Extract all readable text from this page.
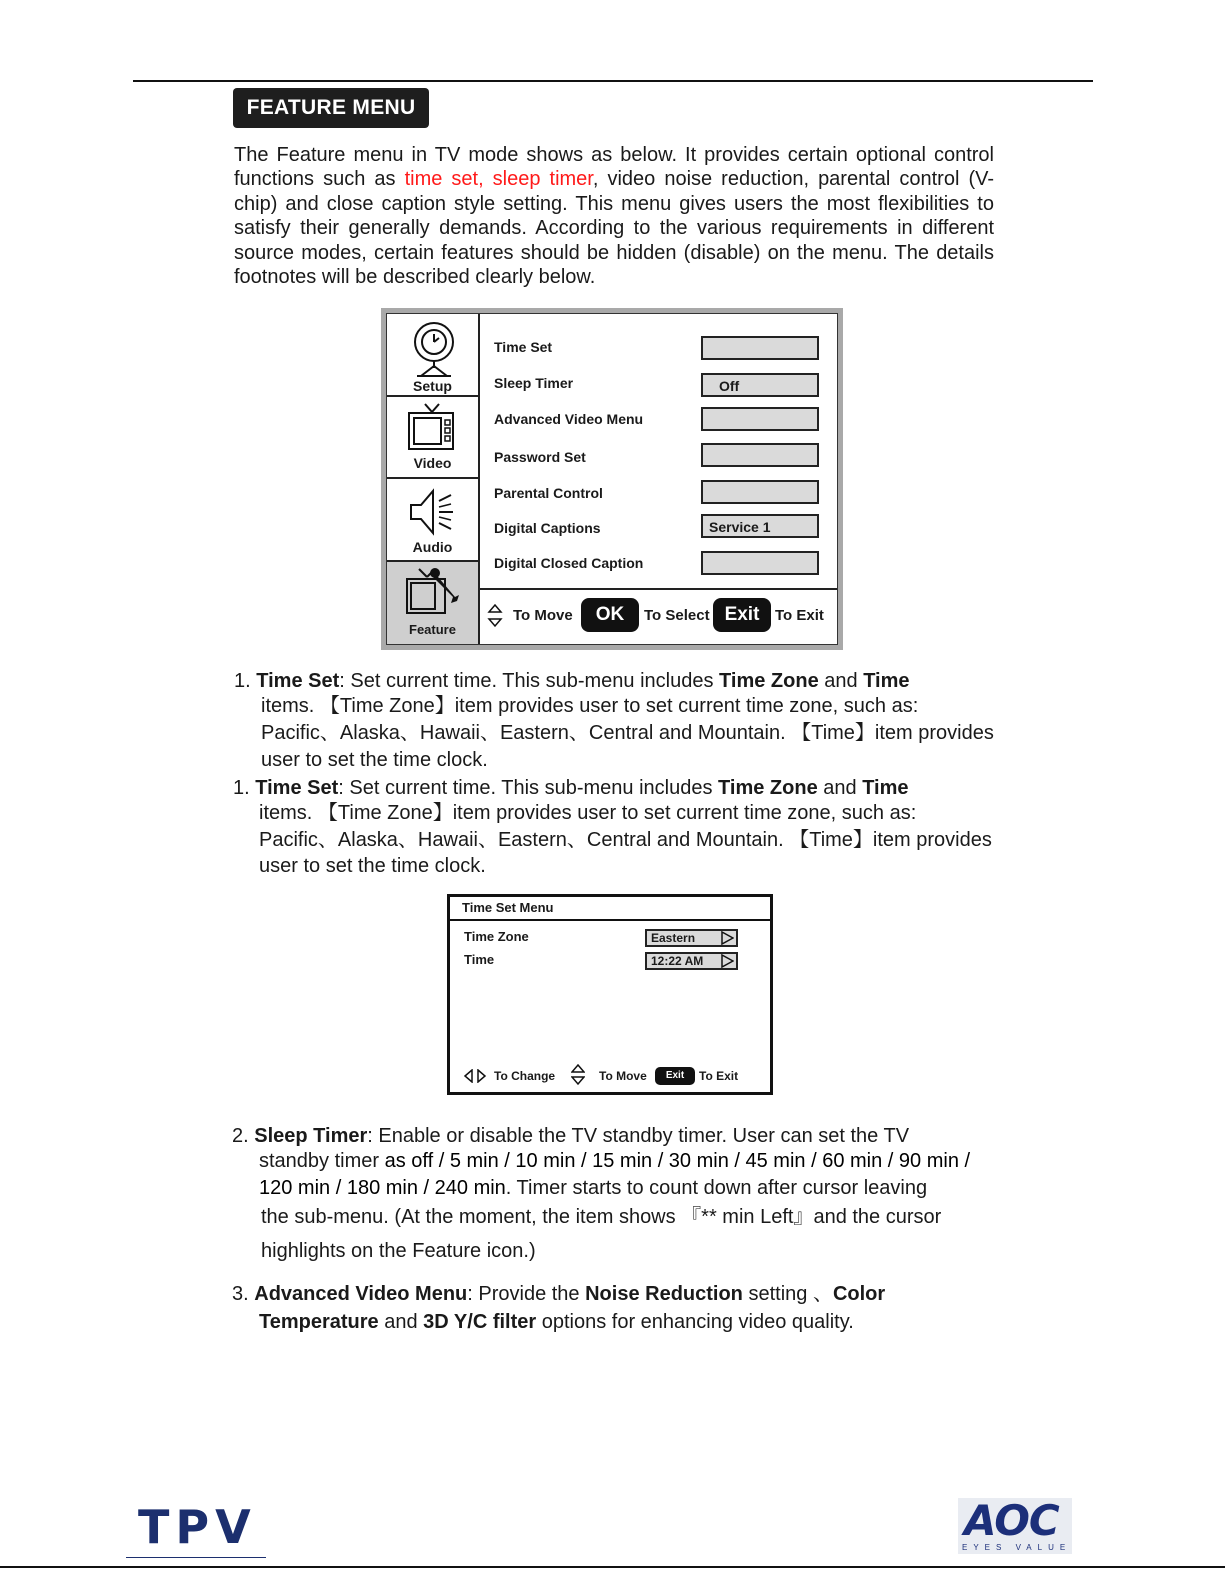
FEATURE MENU
The Feature menu in TV mode shows as below. It provides certain optional control functions such as time set, sleep timer, video noise reduction, parental control (V-chip) and close caption style setting. This menu gives users the most flexibilities to satisfy their generally demands. According to the various requirements in different source modes, certain features should be hidden (disable) on the menu. The details footnotes will be described clearly below.
Setup
Video
Audio
Feature
Time Set
Sleep Timer	Off
Advanced Video Menu
Password Set
Parental Control
Digital Captions	Service 1
Digital Closed Caption
To Move	OK	To Select Exit	To Exit
1. Time Set: Set current time. This sub-menu includes Time Zone and Time
items. 【Time Zone】item provides user to set current time zone, such as:
Pacific、Alaska、Hawaii、Eastern、Central and Mountain. 【Time】item provides
user to set the time clock.
1. Time Set: Set current time. This sub-menu includes Time Zone and Time
items. 【Time Zone】item provides user to set current time zone, such as:
Pacific、Alaska、Hawaii、Eastern、Central and Mountain. 【Time】item provides
user to set the time clock.
Time Set Menu
Time Zone	Eastern
Time	12:22 AM
To Change	To Move	Exit	To Exit
2. Sleep Timer: Enable or disable the TV standby timer. User can set the TV
standby timer as off / 5 min / 10 min / 15 min / 30 min / 45 min / 60 min / 90 min /
120 min / 180 min / 240 min. Timer starts to count down after cursor leaving
the sub-menu. (At the moment, the item shows 『** min Left』and the cursor
highlights on the Feature icon.)
3. Advanced Video Menu: Provide the Noise Reduction setting 、Color
Temperature and 3D Y/C filter options for enhancing video quality.
TPV	AOC
EYES VALUE
